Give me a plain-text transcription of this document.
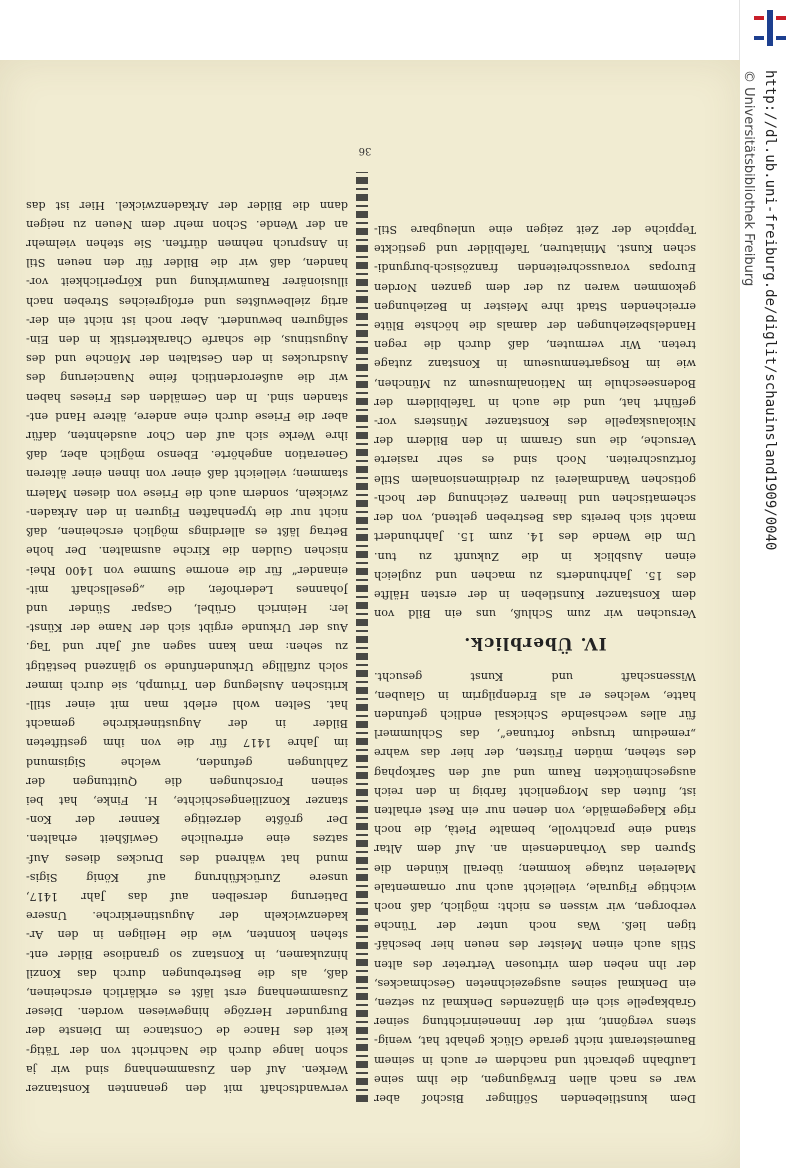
http://dl.ub.uni-freiburg.de/diglit/schauinsland1909/0040
© Universitätsbibliothek Freiburg
36
Dem kunstliebenden Söflinger Bischof aber
war es nach allen Erwägungen, die ihm seine
Laufbahn gebracht und nachdem er auch in seinem
Baumeisteramt nicht gerade Glück gehabt hat, wenig-
stens vergönnt, mit der Inneneinrichtung seiner
Grabkapelle sich ein glänzendes Denkmal zu setzen,
ein Denkmal seines ausgezeichneten Geschmackes,
der ihn neben dem virtuosen Vertreter des alten
Stils auch einen Meister des neuen hier beschäf-
tigen ließ. Was noch unter der Tünche
verborgen, wir wissen es nicht: möglich, daß noch
wichtige Figurale, vielleicht auch nur ornamentale
Malereien zutage kommen; überall künden die
Spuren das Vorhandensein an. Auf dem Altar
stand eine prachtvolle, bemalte Pietà, die noch
rige Klagegemälde, von denen nur ein Rest erhalten
ist, fluten das Morgenlicht farbig in den reich
ausgeschmückten Raum und auf den Sarkophag
des stehen, müden Fürsten, der hier das wahre
„remedium trusque fortunae“, das Schlummerl
für alles wechselnde Schicksal endlich gefunden
hatte, welches er als Erdenpilgrim in Glauben,
Wissenschaft und Kunst gesucht.
IV. Überblick.
Versuchen wir zum Schluß, uns ein Bild von
dem Konstanzer Kunstleben in der ersten Hälfte
des 15. Jahrhunderts zu machen und zugleich
einen Ausblick in die Zukunft zu tun.
Um die Wende des 14. zum 15. Jahrhundert
macht sich bereits das Bestreben geltend, von der
schematischen und linearen Zeichnung der hoch-
gotischen Wandmalerei zu dreidimensionalem Stile
fortzuschreiten. Noch sind es sehr rasierte
Versuche, die uns Gramm in den Bildern der
Nikolauskapelle des Konstanzer Münsters vor-
geführt hat, und die auch in Tafelbildern der
Bodenseeschule im Nationalmuseum zu München,
wie im Rosgartenmuseum in Konstanz zutage
treten. Wir vermuten, daß durch die regen
Handelsbeziehungen der damals die höchste Blüte
erreichenden Stadt ihre Meister in Beziehungen
gekommen waren zu der dem ganzen Norden
Europas vorausschreitenden französisch-burgundi-
schen Kunst. Miniaturen, Tafelbilder und gestickte
Teppiche der Zeit zeigen eine unleugbare Stil-
verwandtschaft mit den genannten Konstanzer
Werken. Auf den Zusammenhang sind wir ja
schon lange durch die Nachricht von der Tätig-
keit des Hance de Constance im Dienste der
Burgunder Herzöge hingewiesen worden. Dieser
Zusammenhang erst läßt es erklärlich erscheinen,
daß, als die Bestrebungen durch das Konzil
hinzukamen, in Konstanz so grandiose Bilder ent-
stehen konnten, wie die Heiligen in den Ar-
kadenzwickeln der Augustinerkirche. Unsere
Datierung derselben auf das Jahr 1417,
unsere Zurückführung auf König Sigis-
mund hat während des Druckes dieses Auf-
satzes eine erfreuliche Gewißheit erhalten.
Der größte derzeitige Kenner der Kon-
stanzer Konziliengeschichte, H. Finke, hat bei
seinen Forschungen die Quittungen der
Zahlungen gefunden, welche Sigismund
im Jahre 1417 für die von ihm gestifteten
Bilder in der Augustinerkirche gemacht
hat. Selten wohl erlebt man mit einer still-
kritischen Auslegung den Triumph, sie durch immer
solch zufällige Urkundenfunde so glänzend bestätigt
zu sehen: man kann sagen auf Jahr und Tag.
Aus der Urkunde ergibt sich der Name der Künst-
ler: Heinrich Grübel, Caspar Sünder und
Johannes Lederhofer, die „gesellschaft mit-
einander“ für die enorme Summe von 1400 Rhei-
nischen Gulden die Kirche ausmalten. Der hohe
Betrag läßt es allerdings möglich erscheinen, daß
nicht nur die typenhaften Figuren in den Arkaden-
zwickeln, sondern auch die Friese von diesen Malern
stammen; vielleicht daß einer von ihnen einer älteren
Generation angehörte. Ebenso möglich aber, daß
ihre Werke sich auf den Chor ausdehnten, dafür
aber die Friese durch eine andere, ältere Hand ent-
standen sind. In den Gemälden des Frieses haben
wir die außerordentlich feine Nuancierung des
Ausdruckes in den Gestalten der Mönche und des
Augustinus, die scharfe Charakteristik in den Ein-
selfiguren bewundert. Aber noch ist nicht ein der-
artig zielbewußtes und erfolgreiches Streben nach
illusionärer Raumwirkung und Körperlichkeit vor-
handen, daß wir die Bilder für den neuen Stil
in Anspruch nehmen dürften. Sie stehen vielmehr
an der Wende. Schon mehr dem Neuen zu neigen
dann die Bilder der Arkadenzwickel. Hier ist das
